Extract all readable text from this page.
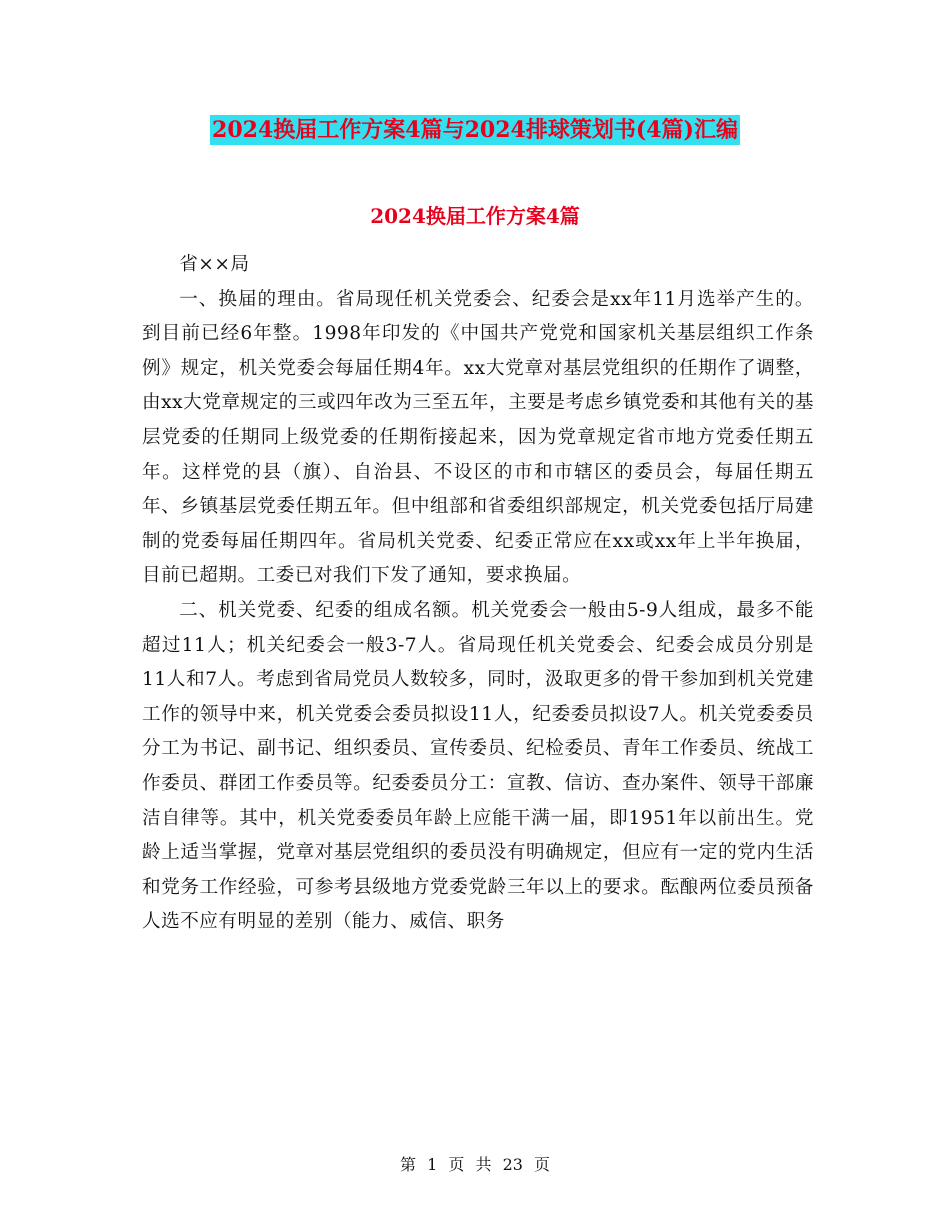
2024换届工作方案4篇与2024排球策划书(4篇)汇编
2024换届工作方案4篇

省××局

一、换届的理由。省局现任机关党委会、纪委会是xx年11月选举产生的。到目前已经6年整。1998年印发的《中国共产党党和国家机关基层组织工作条例》规定，机关党委会每届任期4年。xx大党章对基层党组织的任期作了调整，由xx大党章规定的三或四年改为三至五年，主要是考虑乡镇党委和其他有关的基层党委的任期同上级党委的任期衔接起来，因为党章规定省市地方党委任期五年。这样党的县（旗）、自治县、不设区的市和市辖区的委员会，每届任期五年、乡镇基层党委任期五年。但中组部和省委组织部规定，机关党委包括厅局建制的党委每届任期四年。省局机关党委、纪委正常应在xx或xx年上半年换届，目前已超期。工委已对我们下发了通知，要求换届。

二、机关党委、纪委的组成名额。机关党委会一般由5-9人组成，最多不能超过11人；机关纪委会一般3-7人。省局现任机关党委会、纪委会成员分别是11人和7人。考虑到省局党员人数较多，同时，汲取更多的骨干参加到机关党建工作的领导中来，机关党委会委员拟设11人，纪委委员拟设7人。机关党委委员分工为书记、副书记、组织委员、宣传委员、纪检委员、青年工作委员、统战工作委员、群团工作委员等。纪委委员分工：宣教、信访、查办案件、领导干部廉洁自律等。其中，机关党委委员年龄上应能干满一届，即1951年以前出生。党龄上适当掌握，党章对基层党组织的委员没有明确规定，但应有一定的党内生活和党务工作经验，可参考县级地方党委党龄三年以上的要求。酝酿两位委员预备人选不应有明显的差别（能力、威信、职务

第 1 页 共 23 页
